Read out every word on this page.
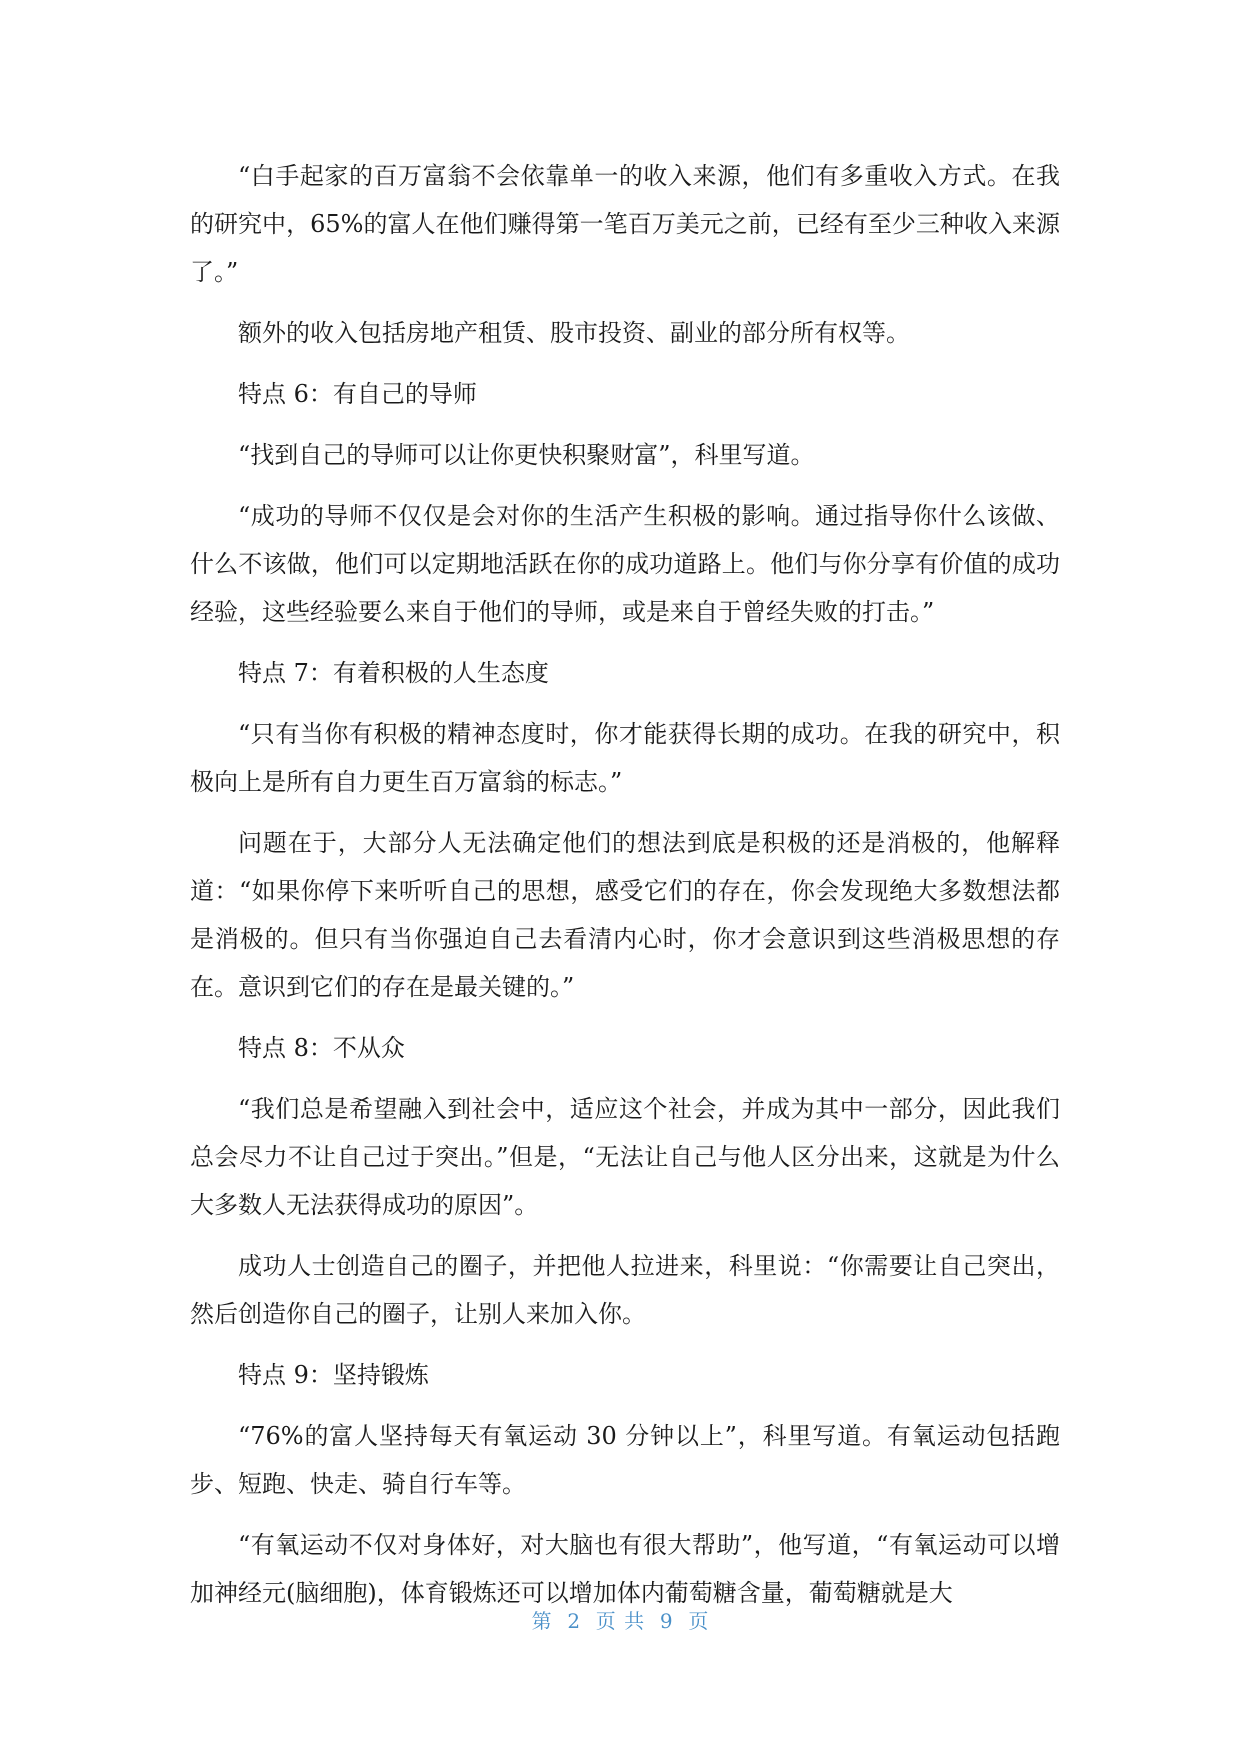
“白手起家的百万富翁不会依靠单一的收入来源，他们有多重收入方式。在我的研究中，65%的富人在他们赚得第一笔百万美元之前，已经有至少三种收入来源了。”

额外的收入包括房地产租赁、股市投资、副业的部分所有权等。

特点 6：有自己的导师

“找到自己的导师可以让你更快积聚财富”，科里写道。

“成功的导师不仅仅是会对你的生活产生积极的影响。通过指导你什么该做、什么不该做，他们可以定期地活跃在你的成功道路上。他们与你分享有价值的成功经验，这些经验要么来自于他们的导师，或是来自于曾经失败的打击。”

特点 7：有着积极的人生态度

“只有当你有积极的精神态度时，你才能获得长期的成功。在我的研究中，积极向上是所有自力更生百万富翁的标志。”

问题在于，大部分人无法确定他们的想法到底是积极的还是消极的，他解释道：“如果你停下来听听自己的思想，感受它们的存在，你会发现绝大多数想法都是消极的。但只有当你强迫自己去看清内心时，你才会意识到这些消极思想的存在。意识到它们的存在是最关键的。”

特点 8：不从众

“我们总是希望融入到社会中，适应这个社会，并成为其中一部分，因此我们总会尽力不让自己过于突出。”但是，“无法让自己与他人区分出来，这就是为什么大多数人无法获得成功的原因”。

成功人士创造自己的圈子，并把他人拉进来，科里说：“你需要让自己突出，然后创造你自己的圈子，让别人来加入你。

特点 9：坚持锻炼

“76%的富人坚持每天有氧运动 30 分钟以上”，科里写道。有氧运动包括跑步、短跑、快走、骑自行车等。

“有氧运动不仅对身体好，对大脑也有很大帮助”，他写道，“有氧运动可以增加神经元(脑细胞)，体育锻炼还可以增加体内葡萄糖含量，葡萄糖就是大

第  2  页 共  9  页
